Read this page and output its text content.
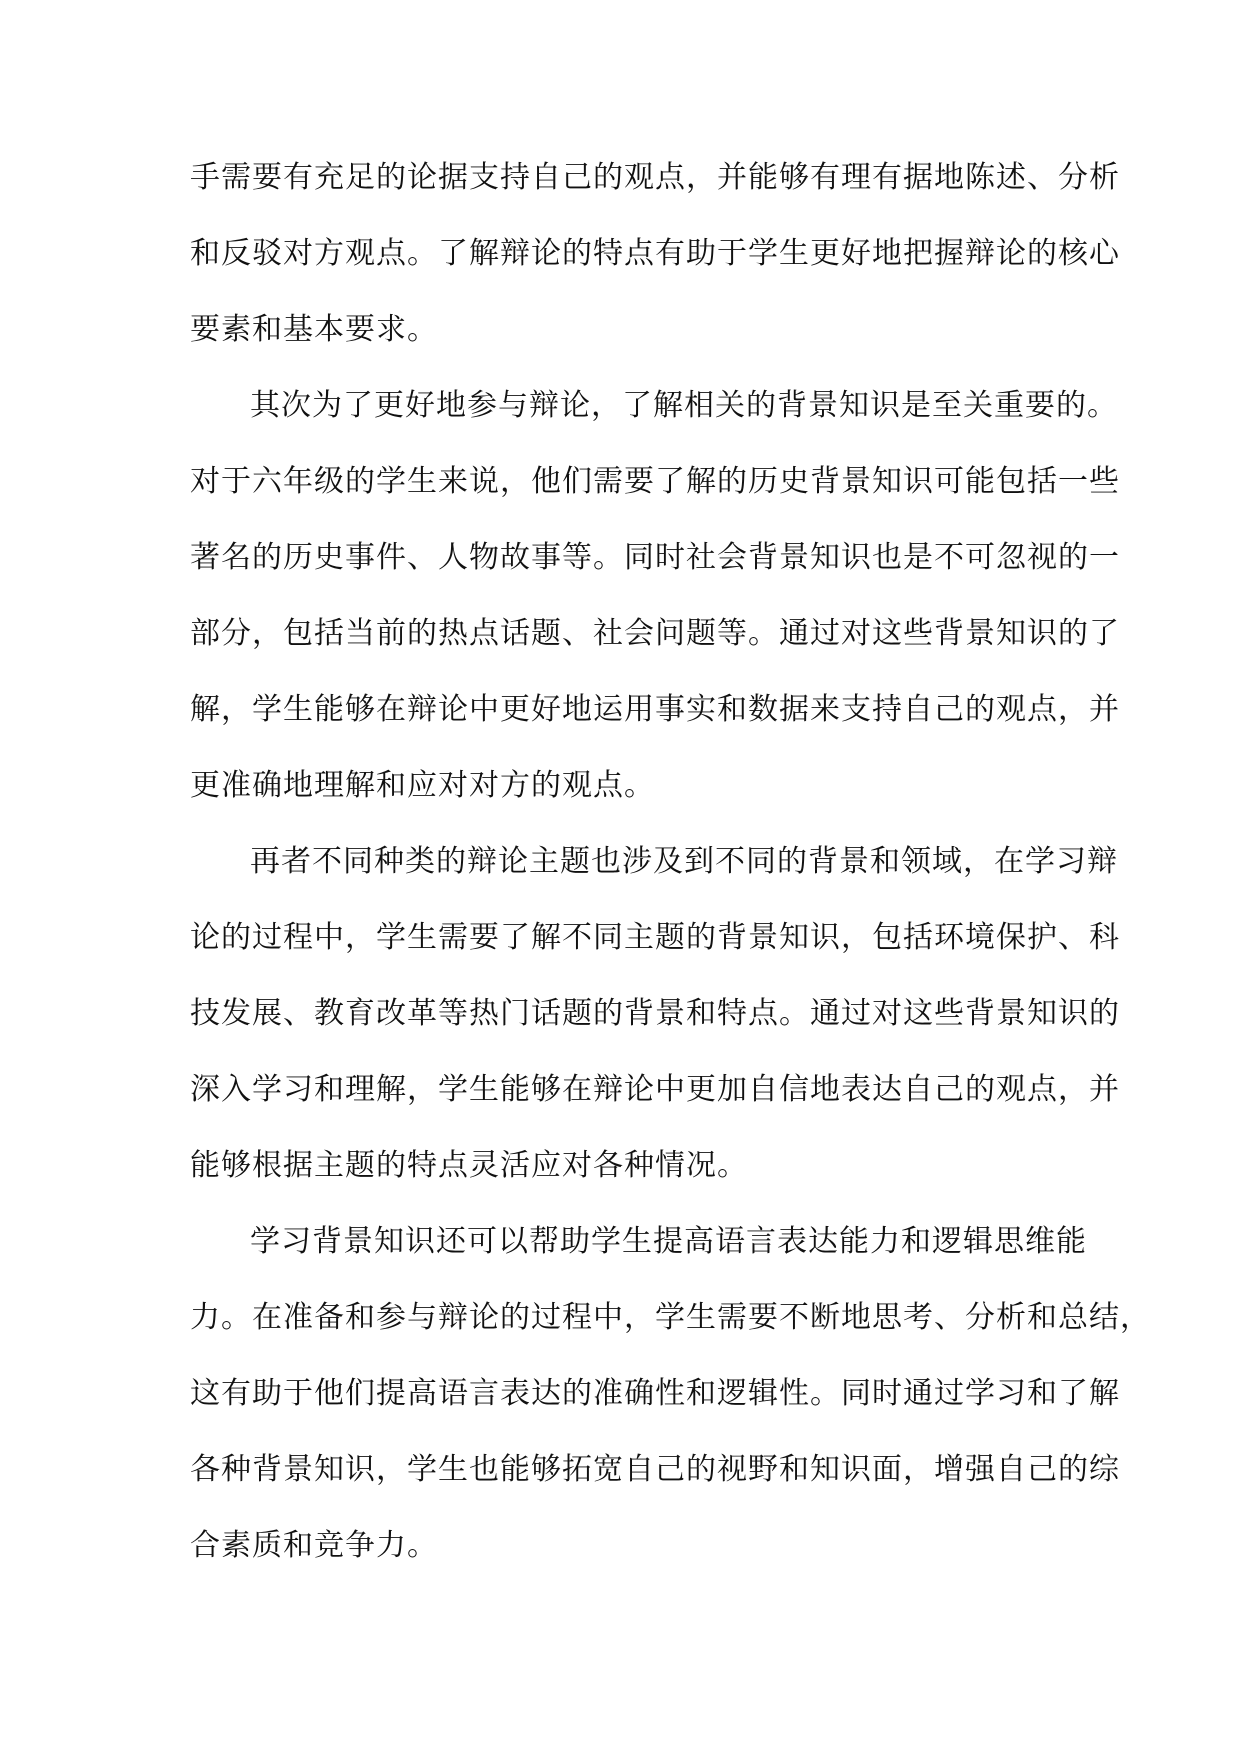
手需要有充足的论据支持自己的观点，并能够有理有据地陈述、分析
和反驳对方观点。了解辩论的特点有助于学生更好地把握辩论的核心
要素和基本要求。
其次为了更好地参与辩论，了解相关的背景知识是至关重要的。
对于六年级的学生来说，他们需要了解的历史背景知识可能包括一些
著名的历史事件、人物故事等。同时社会背景知识也是不可忽视的一
部分，包括当前的热点话题、社会问题等。通过对这些背景知识的了
解，学生能够在辩论中更好地运用事实和数据来支持自己的观点，并
更准确地理解和应对对方的观点。
再者不同种类的辩论主题也涉及到不同的背景和领域，在学习辩
论的过程中，学生需要了解不同主题的背景知识，包括环境保护、科
技发展、教育改革等热门话题的背景和特点。通过对这些背景知识的
深入学习和理解，学生能够在辩论中更加自信地表达自己的观点，并
能够根据主题的特点灵活应对各种情况。
学习背景知识还可以帮助学生提高语言表达能力和逻辑思维能
力。在准备和参与辩论的过程中，学生需要不断地思考、分析和总结，
这有助于他们提高语言表达的准确性和逻辑性。同时通过学习和了解
各种背景知识，学生也能够拓宽自己的视野和知识面，增强自己的综
合素质和竞争力。
